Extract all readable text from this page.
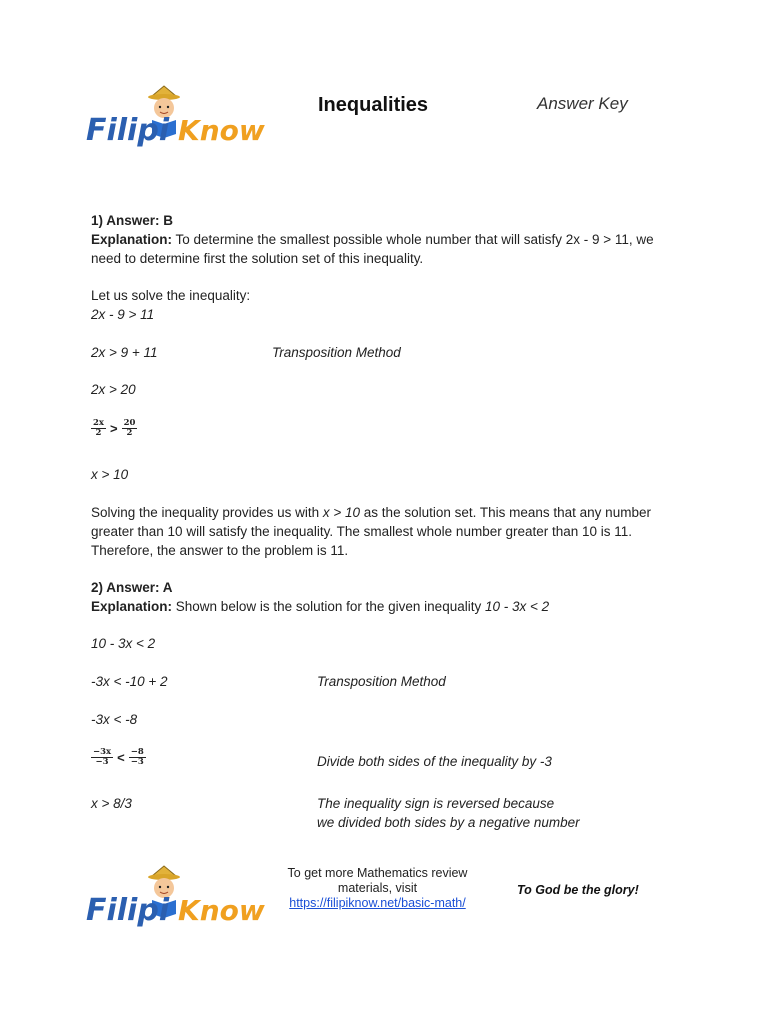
Filipi Know
Inequalities	Answer Key
1) Answer: B
Explanation: To determine the smallest possible whole number that will satisfy 2x - 9 > 11, we
need to determine first the solution set of this inequality.
Let us solve the inequality:
2x - 9 > 11
2x > 9 + 11	Transposition Method
2x > 20
$\frac{2x}{2} > \frac{20}{2}$
x > 10
Solving the inequality provides us with x > 10 as the solution set. This means that any number
greater than 10 will satisfy the inequality. The smallest whole number greater than 10 is 11.
Therefore, the answer to the problem is 11.
2) Answer: A
Explanation: Shown below is the solution for the given inequality 10 - 3x < 2
10 - 3x < 2
-3x < -10 + 2	Transposition Method
-3x < -8
$\frac{-3x}{-3} < \frac{-8}{-3}$	Divide both sides of the inequality by -3
x > 8/3	The inequality sign is reversed because
we divided both sides by a negative number
Filipi Know
To get more Mathematics review
materials, visit
https://filipiknow.net/basic-math/
To God be the glory!
